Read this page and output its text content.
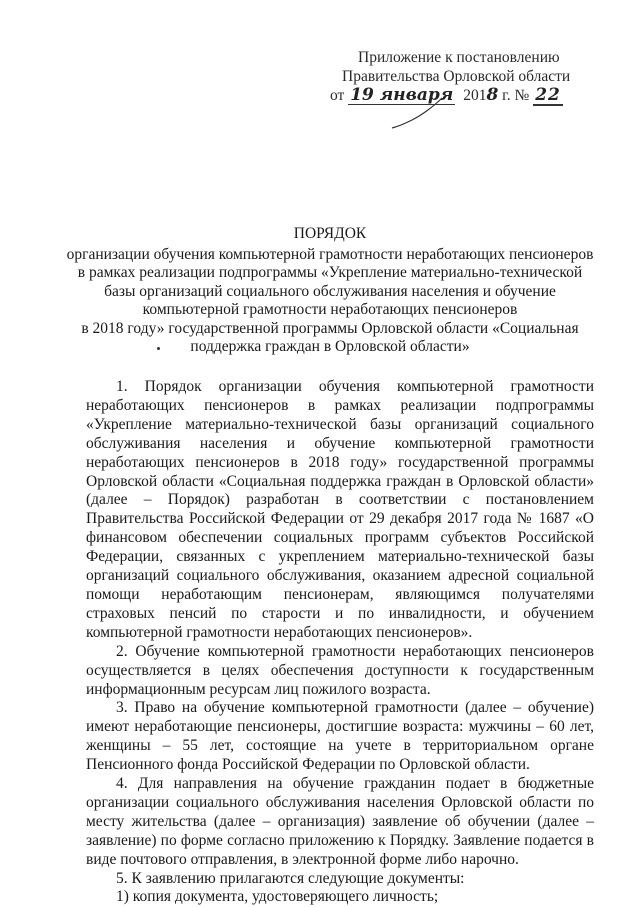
Приложение к постановлению
Правительства Орловской области
от 19 января 2018 г. № 22
ПОРЯДОК
организации обучения компьютерной грамотности неработающих пенсионеров
в рамках реализации подпрограммы «Укрепление материально-технической
базы организаций социального обслуживания населения и обучение
компьютерной грамотности неработающих пенсионеров
в 2018 году» государственной программы Орловской области «Социальная
поддержка граждан в Орловской области»

1. Порядок организации обучения компьютерной грамотности неработающих пенсионеров в рамках реализации подпрограммы «Укрепление материально-технической базы организаций социального обслуживания населения и обучение компьютерной грамотности неработающих пенсионеров в 2018 году» государственной программы Орловской области «Социальная поддержка граждан в Орловской области» (далее – Порядок) разработан в соответствии с постановлением Правительства Российской Федерации от 29 декабря 2017 года № 1687 «О финансовом обеспечении социальных программ субъектов Российской Федерации, связанных с укреплением материально-технической базы организаций социального обслуживания, оказанием адресной социальной помощи неработающим пенсионерам, являющимся получателями страховых пенсий по старости и по инвалидности, и обучением компьютерной грамотности неработающих пенсионеров».

2. Обучение компьютерной грамотности неработающих пенсионеров осуществляется в целях обеспечения доступности к государственным информационным ресурсам лиц пожилого возраста.

3. Право на обучение компьютерной грамотности (далее – обучение) имеют неработающие пенсионеры, достигшие возраста: мужчины – 60 лет, женщины – 55 лет, состоящие на учете в территориальном органе Пенсионного фонда Российской Федерации по Орловской области.

4. Для направления на обучение гражданин подает в бюджетные организации социального обслуживания населения Орловской области по месту жительства (далее – организация) заявление об обучении (далее – заявление) по форме согласно приложению к Порядку. Заявление подается в виде почтового отправления, в электронной форме либо нарочно.

5. К заявлению прилагаются следующие документы:

1) копия документа, удостоверяющего личность;
